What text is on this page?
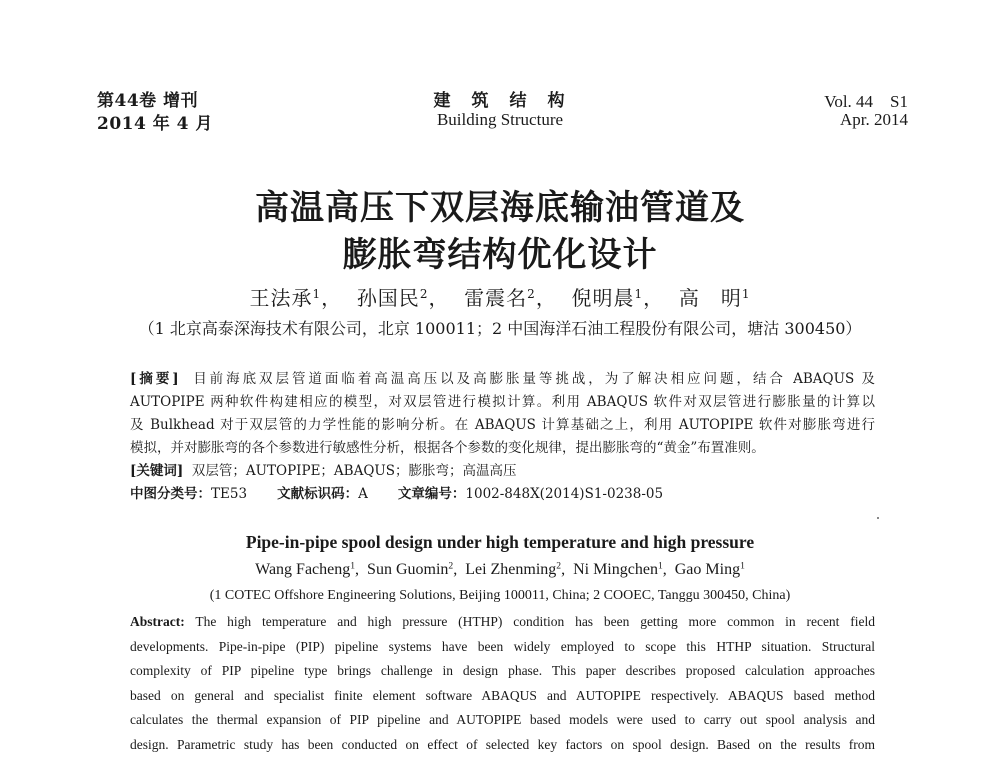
第44卷 增刊
2014 年 4 月
建　筑　结　构
Building Structure
Vol. 44　S1
Apr. 2014
高温高压下双层海底输油管道及
膨胀弯结构优化设计
王法承$^1$，  孙国民$^2$，  雷震名$^2$，  倪明晨$^1$，  高　明$^1$
（1 北京高泰深海技术有限公司，北京 100011；2 中国海洋石油工程股份有限公司，塘沽 300450）
[摘要] 目前海底双层管道面临着高温高压以及高膨胀量等挑战，为了解决相应问题，结合 ABAQUS 及
AUTOPIPE 两种软件构建相应的模型，对双层管进行模拟计算。利用 ABAQUS 软件对双层管进行膨胀量的计算以
及 Bulkhead 对于双层管的力学性能的影响分析。在 ABAQUS 计算基础之上，利用 AUTOPIPE 软件对膨胀弯进行
模拟，并对膨胀弯的各个参数进行敏感性分析，根据各个参数的变化规律，提出膨胀弯的“黄金”布置准则。
[关键词] 双层管；AUTOPIPE；ABAQUS；膨胀弯；高温高压
中图分类号：TE53 文献标识码：A 文章编号：1002-848X(2014)S1-0238-05
Pipe-in-pipe spool design under high temperature and high pressure
Wang Facheng$^1$,  Sun Guomin$^2$,  Lei Zhenming$^2$,  Ni Mingchen$^1$,  Gao Ming$^1$
(1 COTEC Offshore Engineering Solutions, Beijing 100011, China; 2 COOEC, Tanggu 300450, China)
Abstract: The high temperature and high pressure (HTHP) condition has been getting more common in recent field
developments. Pipe-in-pipe (PIP) pipeline systems have been widely employed to scope this HTHP situation. Structural
complexity of PIP pipeline type brings challenge in design phase. This paper describes proposed calculation approaches
based on general and specialist finite element software ABAQUS and AUTOPIPE respectively. ABAQUS based method
calculates the thermal expansion of PIP pipeline and AUTOPIPE based models were used to carry out spool analysis and
design. Parametric study has been conducted on effect of selected key factors on spool design. Based on the results from
